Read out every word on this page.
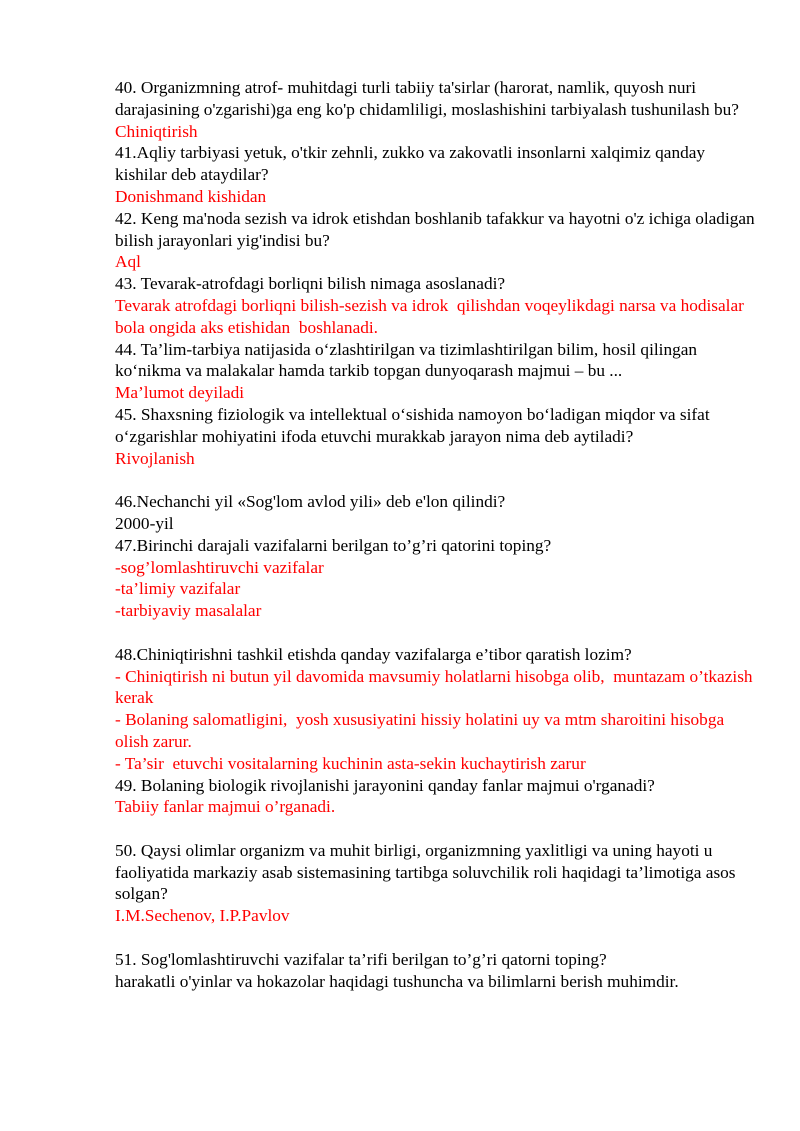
40. Organizmning atrof- muhitdagi turli tabiiy ta'sirlar (harorat, namlik, quyosh nuri darajasining o'zgarishi)ga eng ko'p chidamliligi, moslashishini tarbiyalash tushunilash bu?
Chiniqtirish
41.Aqliy tarbiyasi yetuk, o'tkir zehnli, zukko va zakovatli insonlarni xalqimiz qanday kishilar deb ataydilar?
Donishmand kishidan
42. Keng ma'noda sezish va idrok etishdan boshlanib tafakkur va hayotni o'z ichiga oladigan bilish jarayonlari yig'indisi bu?
Aql
43. Tevarak-atrofdagi borliqni bilish nimaga asoslanadi?
Tevarak atrofdagi borliqni bilish-sezish va idrok  qilishdan voqeylikdagi narsa va hodisalar  bola ongida aks etishidan  boshlanadi.
44. Ta’lim-tarbiya natijasida o‘zlashtirilgan va tizimlashtirilgan bilim, hosil qilingan ko‘nikma va malakalar hamda tarkib topgan dunyoqarash majmui – bu ...
Ma’lumot deyiladi
45. Shaxsning fiziologik va intellektual o‘sishida namoyon bo‘ladigan miqdor va sifat o‘zgarishlar mohiyatini ifoda etuvchi murakkab jarayon nima deb aytiladi?
Rivojlanish
46.Nechanchi yil «Sog'lom avlod yili» deb e'lon qilindi?
2000-yil
47.Birinchi darajali vazifalarni berilgan to’g’ri qatorini toping?
-sog’lomlashtiruvchi vazifalar
-ta’limiy vazifalar
-tarbiyaviy masalalar
48.Chiniqtirishni tashkil etishda qanday vazifalarga e’tibor qaratish lozim?
- Chiniqtirish ni butun yil davomida mavsumiy holatlarni hisobga olib,  muntazam o’tkazish  kerak
- Bolaning salomatligini,  yosh xususiyatini hissiy holatini uy va mtm sharoitini hisobga olish zarur.
- Ta’sir  etuvchi vositalarning kuchinin asta-sekin kuchaytirish zarur
49. Bolaning biologik rivojlanishi jarayonini qanday fanlar majmui o'rganadi?
Tabiiy fanlar majmui o’rganadi.
50. Qaysi olimlar organizm va muhit birligi, organizmning yaxlitligi va uning hayoti u faoliyatida markaziy asab sistemasining tartibga soluvchilik roli haqidagi ta’limotiga asos solgan?
I.M.Sechenov, I.P.Pavlov
51. Sog'lomlashtiruvchi vazifalar ta’rifi berilgan to’g’ri qatorni toping?
harakatli o'yinlar va hokazolar haqidagi tushuncha va bilimlarni berish muhimdir.
